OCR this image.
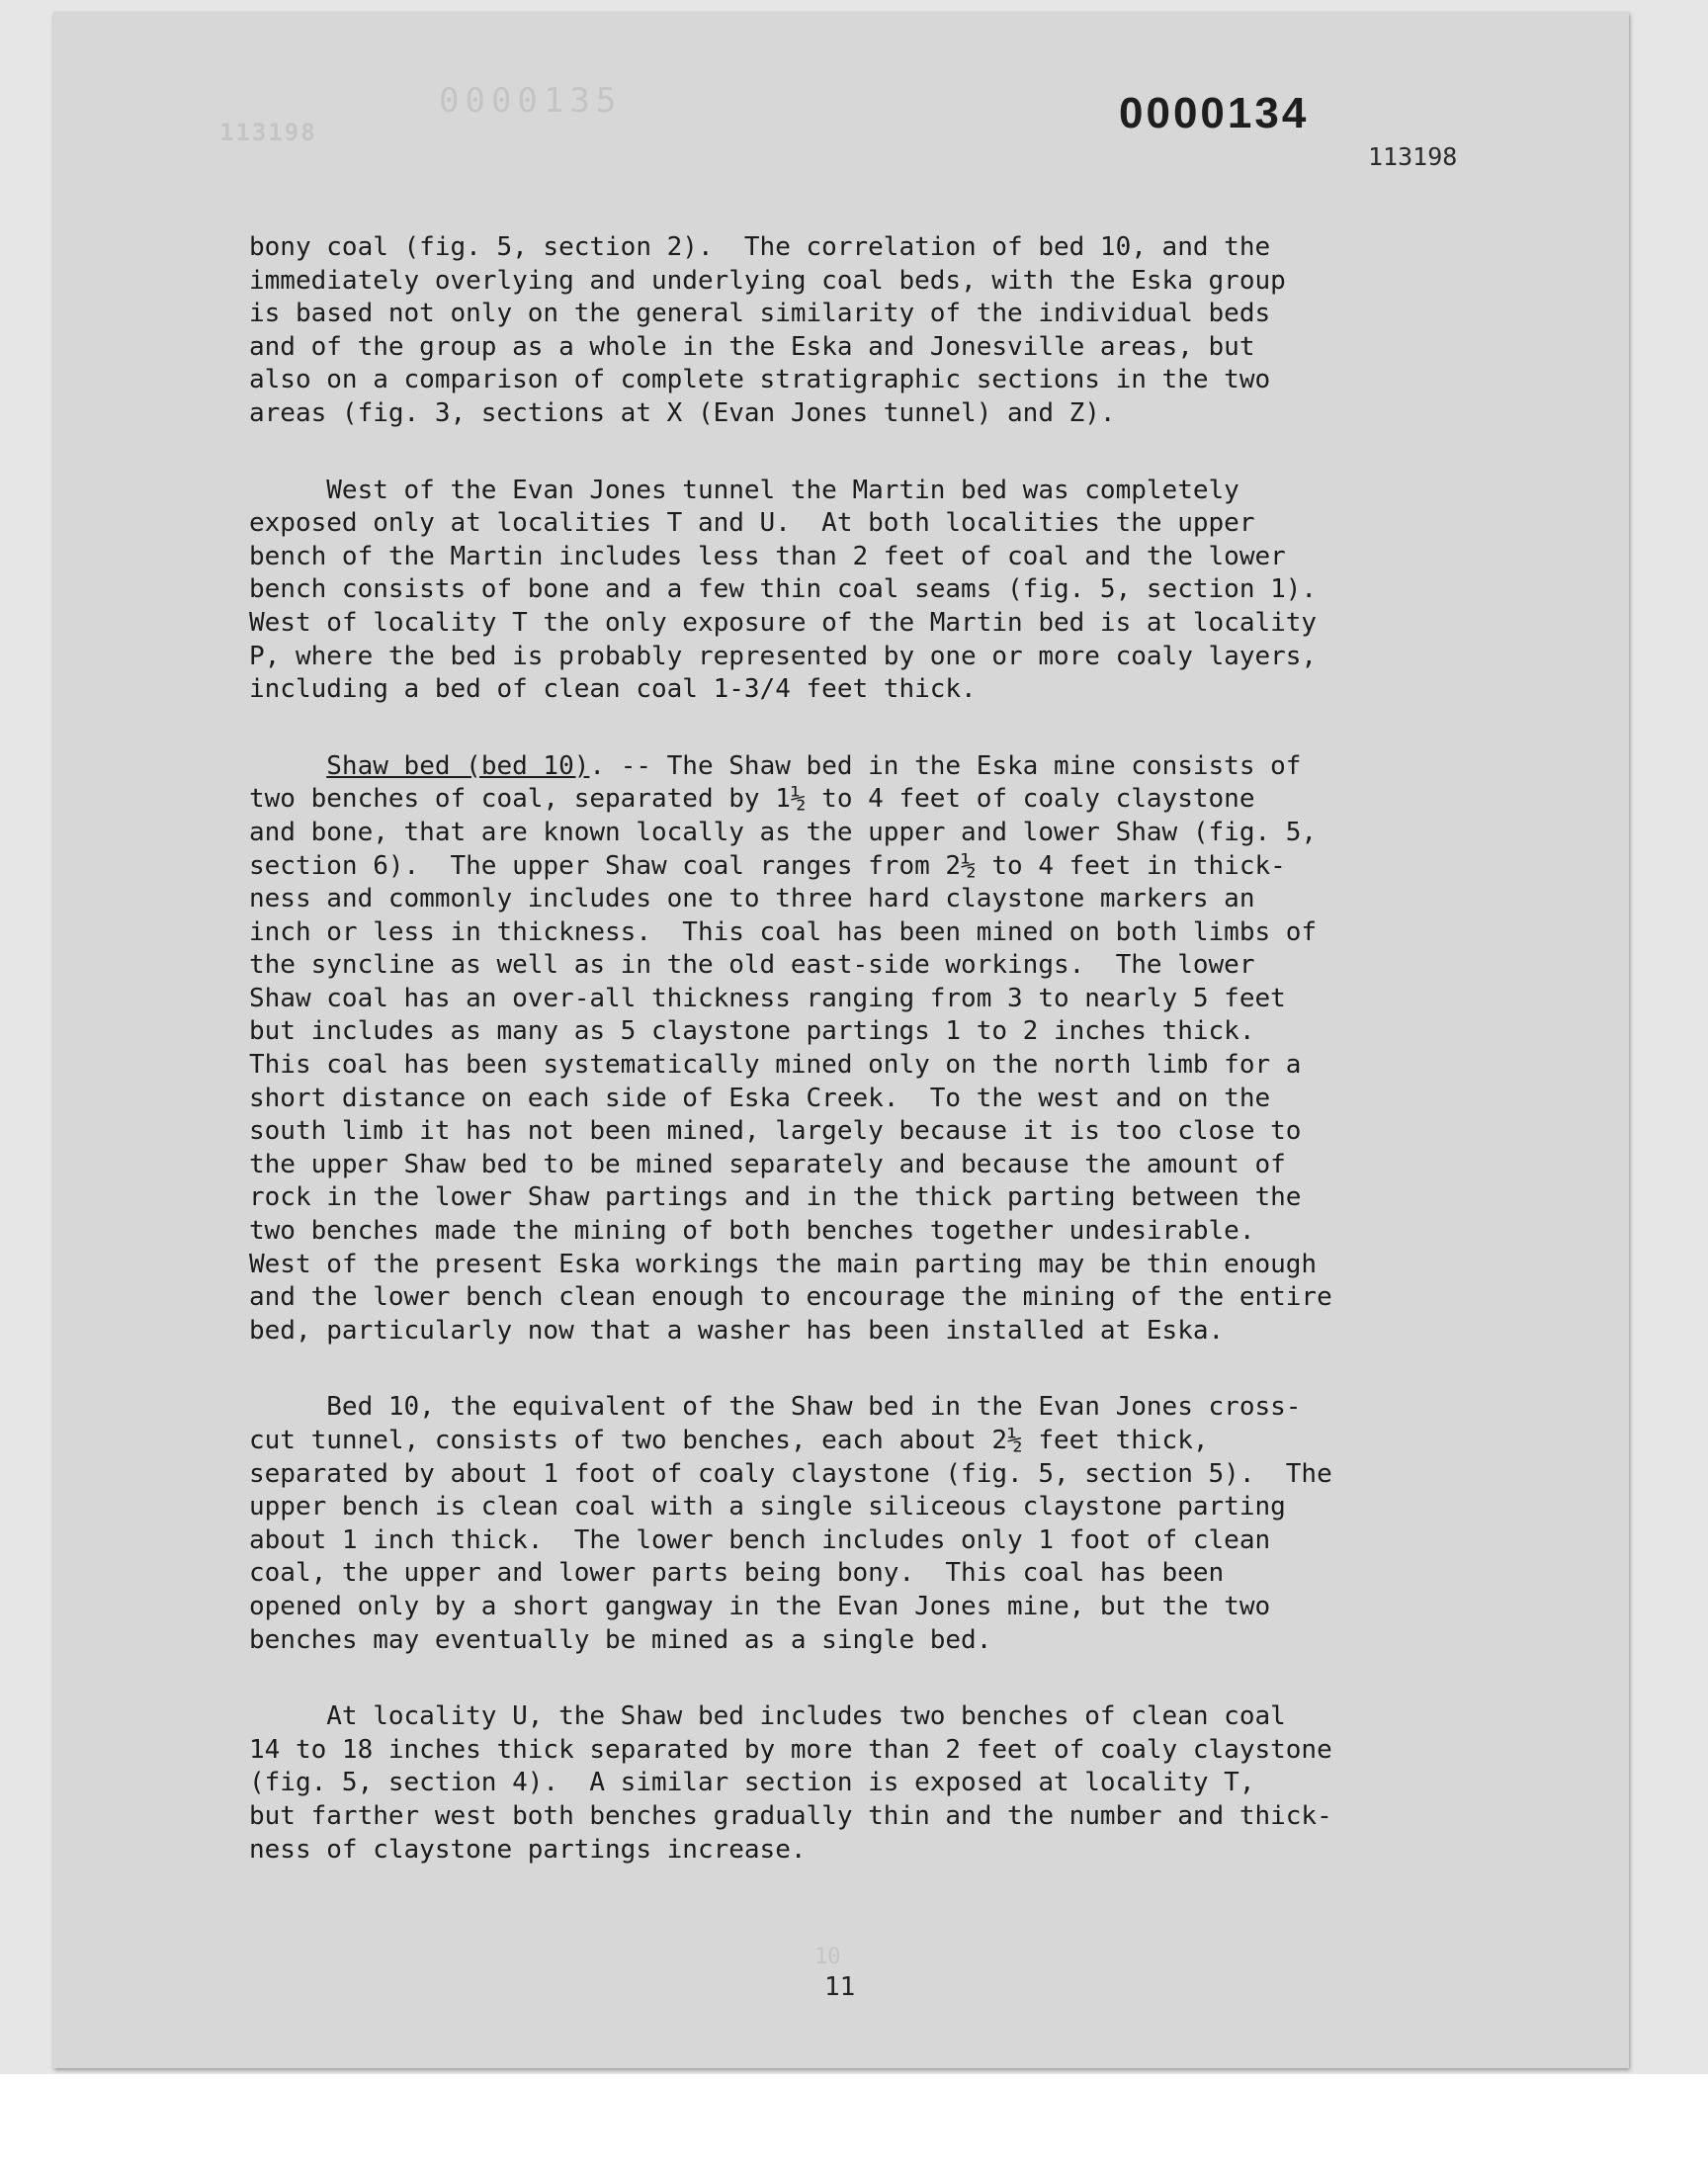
113198

0000135	0000134

113198

bony coal (fig. 5, section 2).  The correlation of bed 10, and the
immediately overlying and underlying coal beds, with the Eska group
is based not only on the general similarity of the individual beds
and of the group as a whole in the Eska and Jonesville areas, but
also on a comparison of complete stratigraphic sections in the two
areas (fig. 3, sections at X (Evan Jones tunnel) and Z).

West of the Evan Jones tunnel the Martin bed was completely
exposed only at localities T and U.  At both localities the upper
bench of the Martin includes less than 2 feet of coal and the lower
bench consists of bone and a few thin coal seams (fig. 5, section 1).
West of locality T the only exposure of the Martin bed is at locality
P, where the bed is probably represented by one or more coaly layers,
including a bed of clean coal 1-3/4 feet thick.

Shaw bed (bed 10). -- The Shaw bed in the Eska mine consists of
two benches of coal, separated by 1½ to 4 feet of coaly claystone
and bone, that are known locally as the upper and lower Shaw (fig. 5,
section 6).  The upper Shaw coal ranges from 2½ to 4 feet in thick-
ness and commonly includes one to three hard claystone markers an
inch or less in thickness.  This coal has been mined on both limbs of
the syncline as well as in the old east-side workings.  The lower
Shaw coal has an over-all thickness ranging from 3 to nearly 5 feet
but includes as many as 5 claystone partings 1 to 2 inches thick.
This coal has been systematically mined only on the north limb for a
short distance on each side of Eska Creek.  To the west and on the
south limb it has not been mined, largely because it is too close to
the upper Shaw bed to be mined separately and because the amount of
rock in the lower Shaw partings and in the thick parting between the
two benches made the mining of both benches together undesirable.
West of the present Eska workings the main parting may be thin enough
and the lower bench clean enough to encourage the mining of the entire
bed, particularly now that a washer has been installed at Eska.

Bed 10, the equivalent of the Shaw bed in the Evan Jones cross-
cut tunnel, consists of two benches, each about 2½ feet thick,
separated by about 1 foot of coaly claystone (fig. 5, section 5).  The
upper bench is clean coal with a single siliceous claystone parting
about 1 inch thick.  The lower bench includes only 1 foot of clean
coal, the upper and lower parts being bony.  This coal has been
opened only by a short gangway in the Evan Jones mine, but the two
benches may eventually be mined as a single bed.

At locality U, the Shaw bed includes two benches of clean coal
14 to 18 inches thick separated by more than 2 feet of coaly claystone
(fig. 5, section 4).  A similar section is exposed at locality T,
but farther west both benches gradually thin and the number and thick-
ness of claystone partings increase.

10

11
